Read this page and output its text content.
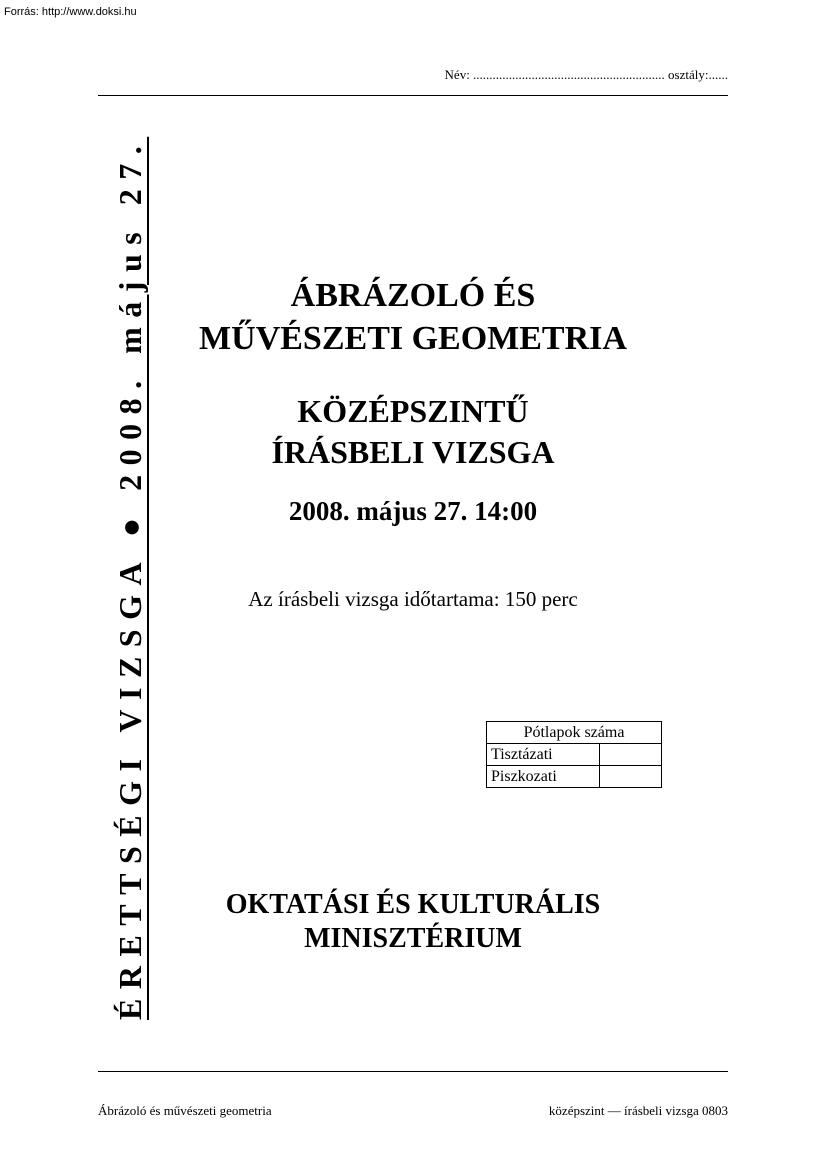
Forrás: http://www.doksi.hu
Név: ........................................................... osztály:......
ÉRETTSÉGI VIZSGA ● 2008. május 27.	ÁBRÁZOLÓ ÉS
MŰVÉSZETI GEOMETRIA
KÖZÉPSZINTŰ
ÍRÁSBELI VIZSGA
2008. május 27. 14:00
Az írásbeli vizsga időtartama: 150 perc
Pótlapok száma	
Tisztázati	
Piszkozati	
OKTATÁSI ÉS KULTURÁLIS
MINISZTÉRIUM
Ábrázoló és művészeti geometria	középszint — írásbeli vizsga 0803
